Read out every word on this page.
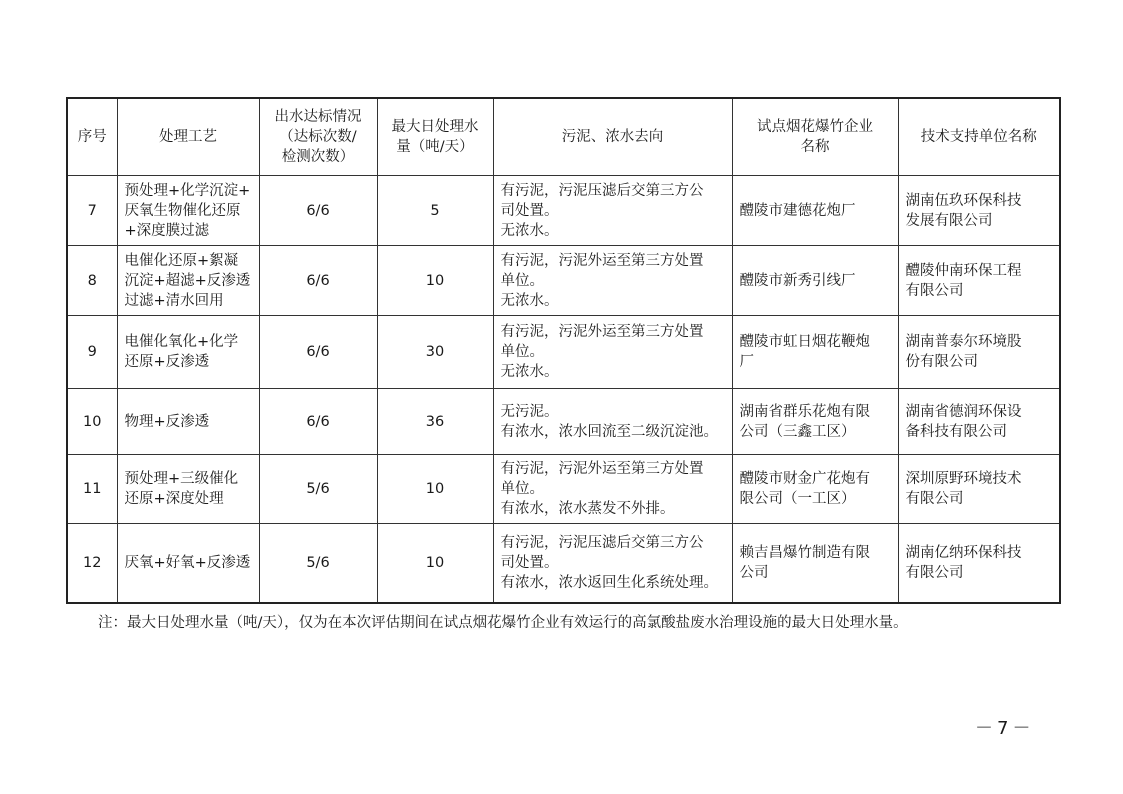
序号	处理工艺	出水达标情况
（达标次数/
检测次数）	最大日处理水
量（吨/天）	污泥、浓水去向	试点烟花爆竹企业
名称	技术支持单位名称

7	预处理+化学沉淀+
厌氧生物催化还原
+深度膜过滤	6/6	5	有污泥，污泥压滤后交第三方公
司处置。
无浓水。	醴陵市建德花炮厂	湖南伍玖环保科技
发展有限公司

8	电催化还原+絮凝
沉淀+超滤+反渗透
过滤+清水回用	6/6	10	有污泥，污泥外运至第三方处置
单位。
无浓水。	醴陵市新秀引线厂	醴陵仲南环保工程
有限公司

9	电催化氧化+化学
还原+反渗透	6/6	30	有污泥，污泥外运至第三方处置
单位。
无浓水。	醴陵市虹日烟花鞭炮
厂	湖南普泰尔环境股
份有限公司

10	物理+反渗透	6/6	36	无污泥。
有浓水，浓水回流至二级沉淀池。	湖南省群乐花炮有限
公司（三鑫工区）	湖南省德润环保设
备科技有限公司

11	预处理+三级催化
还原+深度处理	5/6	10	有污泥，污泥外运至第三方处置
单位。
有浓水，浓水蒸发不外排。	醴陵市财金广花炮有
限公司（一工区）	深圳原野环境技术
有限公司

12	厌氧+好氧+反渗透	5/6	10	有污泥，污泥压滤后交第三方公
司处置。
有浓水，浓水返回生化系统处理。	赖吉昌爆竹制造有限
公司	湖南亿纳环保科技
有限公司
注：最大日处理水量（吨/天），仅为在本次评估期间在试点烟花爆竹企业有效运行的高氯酸盐废水治理设施的最大日处理水量。
－7－
